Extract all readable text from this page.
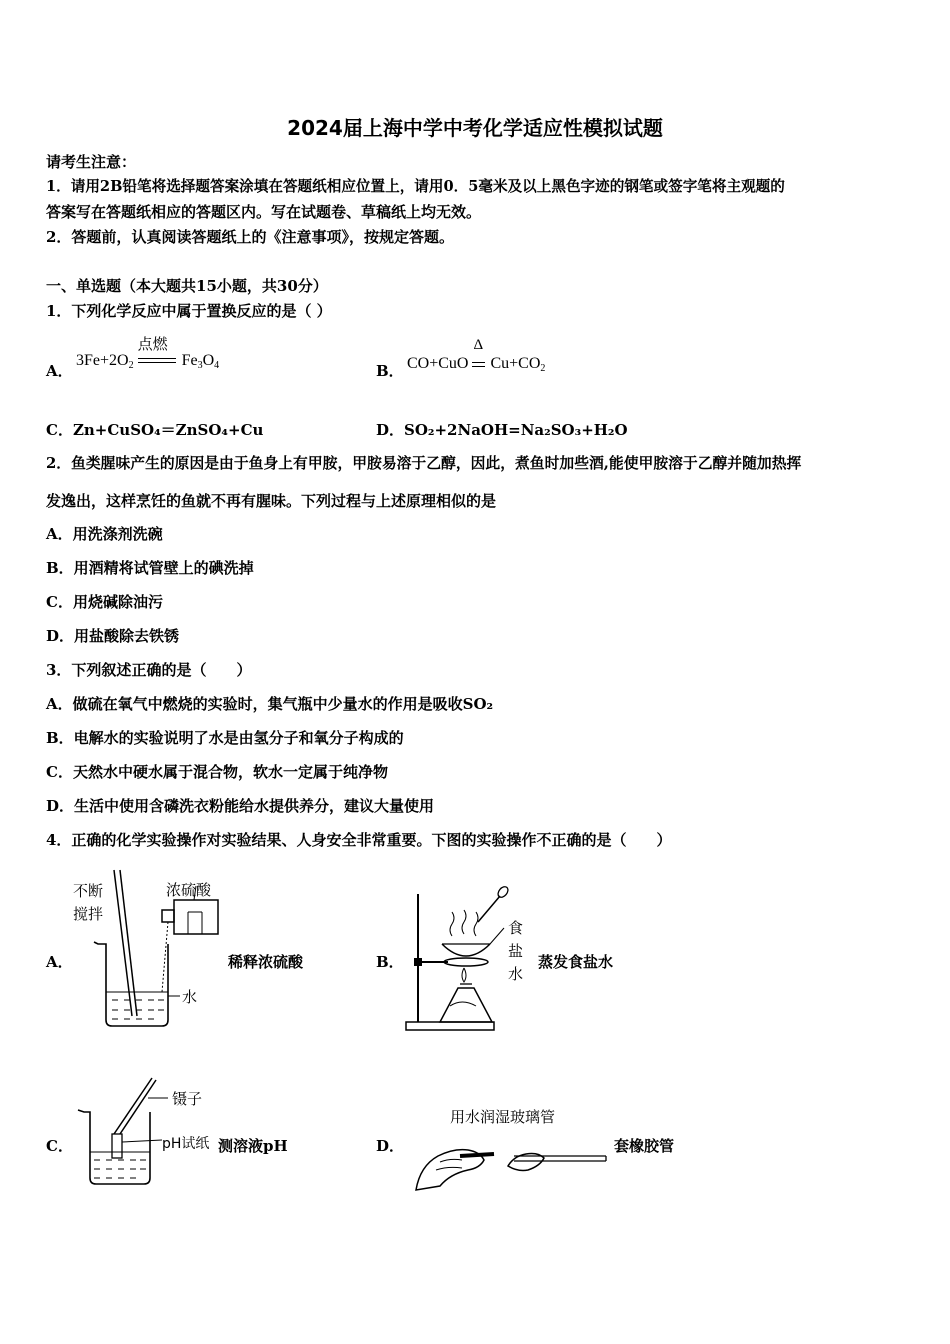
2024届上海中学中考化学适应性模拟试题
请考生注意：
1．请用2B铅笔将选择题答案涂填在答题纸相应位置上，请用0．5毫米及以上黑色字迹的钢笔或签字笔将主观题的
答案写在答题纸相应的答题区内。写在试题卷、草稿纸上均无效。
2．答题前，认真阅读答题纸上的《注意事项》，按规定答题。
一、单选题（本大题共15小题，共30分）
1．下列化学反应中属于置换反应的是（ ）
A．
$3Fe+2O_2$
点燃
$Fe_3O_4$	B． CO+CuO
Δ
$Cu+CO_2$
C．Zn+CuSO₄＝ZnSO₄+Cu	D．SO₂+2NaOH=Na₂SO₃+H₂O
2．鱼类腥味产生的原因是由于鱼身上有甲胺，甲胺易溶于乙醇，因此，煮鱼时加些酒,能使甲胺溶于乙醇并随加热挥
发逸出，这样烹饪的鱼就不再有腥味。下列过程与上述原理相似的是
A．用洗涤剂洗碗
B．用酒精将试管壁上的碘洗掉
C．用烧碱除油污
D．用盐酸除去铁锈
3．下列叙述正确的是（　　）
A．做硫在氧气中燃烧的实验时，集气瓶中少量水的作用是吸收SO₂
B．电解水的实验说明了水是由氢分子和氧分子构成的
C．天然水中硬水属于混合物，软水一定属于纯净物
D．生活中使用含磷洗衣粉能给水提供养分，建议大量使用
4．正确的化学实验操作对实验结果、人身安全非常重要。下图的实验操作不正确的是（　　）
A．
不断
搅拌
浓硫酸
水
稀释浓硫酸	B．
食
盐
水
蒸发食盐水
C．
镊子
pH试纸 测溶液pH	D．
用水润湿玻璃管
套橡胶管
